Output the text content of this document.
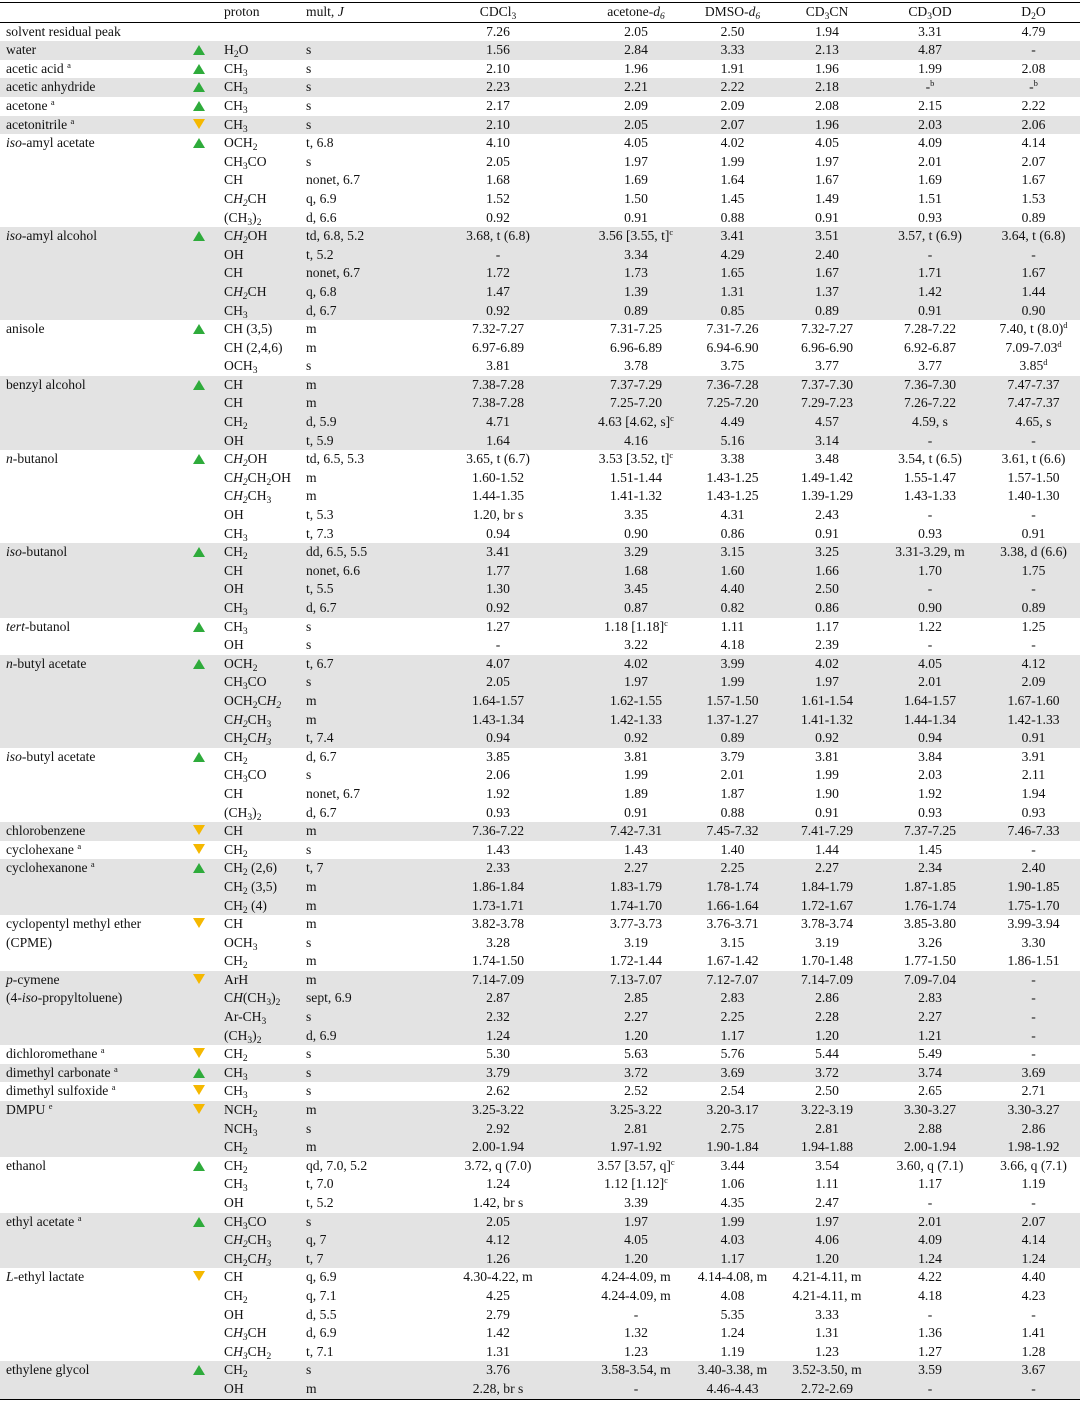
		proton	mult, J	CDCl$_3$	acetone-$d_6$	DMSO-$d_6$	$CD_3CN$	$CD_3OD$	$D_2O$
solvent residual peak				7.26	2.05	2.50	1.94	3.31	4.79
water		$H_2O$	s	1.56	2.84	3.33	2.13	4.87	-
acetic acid $^a$		$CH_3$	s	2.10	1.96	1.91	1.96	1.99	2.08
acetic anhydride		$CH_3$	s	2.23	2.21	2.22	2.18	-$^b$	-$^b$
acetone $^a$		$CH_3$	s	2.17	2.09	2.09	2.08	2.15	2.22
acetonitrile $^a$		$CH_3$	s	2.10	2.05	2.07	1.96	2.03	2.06
iso-amyl acetate		$OCH_2$	t, 6.8	4.10	4.05	4.02	4.05	4.09	4.14
		$CH_3CO$	s	2.05	1.97	1.99	1.97	2.01	2.07
		CH	nonet, 6.7	1.68	1.69	1.64	1.67	1.69	1.67
		$CH_2CH$	q, 6.9	1.52	1.50	1.45	1.49	1.51	1.53
		$(CH_3)_2$	d, 6.6	0.92	0.91	0.88	0.91	0.93	0.89
iso-amyl alcohol		$CH_2OH$	td, 6.8, 5.2	3.68, t (6.8)	3.56 [3.55, t]$^c$	3.41	3.51	3.57, t (6.9)	3.64, t (6.8)
		OH	t, 5.2	-	3.34	4.29	2.40	-	-
		CH	nonet, 6.7	1.72	1.73	1.65	1.67	1.71	1.67
		$CH_2CH$	q, 6.8	1.47	1.39	1.31	1.37	1.42	1.44
		$CH_3$	d, 6.7	0.92	0.89	0.85	0.89	0.91	0.90
anisole		CH (3,5)	m	7.32-7.27	7.31-7.25	7.31-7.26	7.32-7.27	7.28-7.22	7.40, t $(8.0)^d$
		CH (2,4,6)	m	6.97-6.89	6.96-6.89	6.94-6.90	6.96-6.90	6.92-6.87	7.09-7.03$^d$
		$OCH_3$	s	3.81	3.78	3.75	3.77	3.77	3.85$^d$
benzyl alcohol		CH	m	7.38-7.28	7.37-7.29	7.36-7.28	7.37-7.30	7.36-7.30	7.47-7.37
		CH	m	7.38-7.28	7.25-7.20	7.25-7.20	7.29-7.23	7.26-7.22	7.47-7.37
		$CH_2$	d, 5.9	4.71	4.63 [4.62, s]$^c$	4.49	4.57	4.59, s	4.65, s
		OH	t, 5.9	1.64	4.16	5.16	3.14	-	-
n-butanol		$CH_2OH$	td, 6.5, 5.3	3.65, t (6.7)	3.53 [3.52, t]$^c$	3.38	3.48	3.54, t (6.5)	3.61, t (6.6)
		$CH_2CH_2OH$	m	1.60-1.52	1.51-1.44	1.43-1.25	1.49-1.42	1.55-1.47	1.57-1.50
		$CH_2CH_3$	m	1.44-1.35	1.41-1.32	1.43-1.25	1.39-1.29	1.43-1.33	1.40-1.30
		OH	t, 5.3	1.20, br s	3.35	4.31	2.43	-	-
		$CH_3$	t, 7.3	0.94	0.90	0.86	0.91	0.93	0.91
iso-butanol		$CH_2$	dd, 6.5, 5.5	3.41	3.29	3.15	3.25	3.31-3.29, m	3.38, d (6.6)
		CH	nonet, 6.6	1.77	1.68	1.60	1.66	1.70	1.75
		OH	t, 5.5	1.30	3.45	4.40	2.50	-	-
		$CH_3$	d, 6.7	0.92	0.87	0.82	0.86	0.90	0.89
tert-butanol		$CH_3$	s	1.27	1.18 $[1.18]^c$	1.11	1.17	1.22	1.25
		OH	s	-	3.22	4.18	2.39	-	-
n-butyl acetate		$OCH_2$	t, 6.7	4.07	4.02	3.99	4.02	4.05	4.12
		$CH_3CO$	s	2.05	1.97	1.99	1.97	2.01	2.09
		$OCH_2CH_2$	m	1.64-1.57	1.62-1.55	1.57-1.50	1.61-1.54	1.64-1.57	1.67-1.60
		$CH_2CH_3$	m	1.43-1.34	1.42-1.33	1.37-1.27	1.41-1.32	1.44-1.34	1.42-1.33
		$CH_2CH_3$	t, 7.4	0.94	0.92	0.89	0.92	0.94	0.91
iso-butyl acetate		$CH_2$	d, 6.7	3.85	3.81	3.79	3.81	3.84	3.91
		$CH_3CO$	s	2.06	1.99	2.01	1.99	2.03	2.11
		CH	nonet, 6.7	1.92	1.89	1.87	1.90	1.92	1.94
		$(CH_3)_2$	d, 6.7	0.93	0.91	0.88	0.91	0.93	0.93
chlorobenzene		CH	m	7.36-7.22	7.42-7.31	7.45-7.32	7.41-7.29	7.37-7.25	7.46-7.33
cyclohexane $^a$		$CH_2$	s	1.43	1.43	1.40	1.44	1.45	-
cyclohexanone $^a$		$CH_2$ (2,6)	t, 7	2.33	2.27	2.25	2.27	2.34	2.40
		$CH_2$ (3,5)	m	1.86-1.84	1.83-1.79	1.78-1.74	1.84-1.79	1.87-1.85	1.90-1.85
		$CH_2$ (4)	m	1.73-1.71	1.74-1.70	1.66-1.64	1.72-1.67	1.76-1.74	1.75-1.70
cyclopentyl methyl ether		CH	m	3.82-3.78	3.77-3.73	3.76-3.71	3.78-3.74	3.85-3.80	3.99-3.94
(CPME)		$OCH_3$	s	3.28	3.19	3.15	3.19	3.26	3.30
		$CH_2$	m	1.74-1.50	1.72-1.44	1.67-1.42	1.70-1.48	1.77-1.50	1.86-1.51
p-cymene		ArH	m	7.14-7.09	7.13-7.07	7.12-7.07	7.14-7.09	7.09-7.04	-
(4-iso-propyltoluene)		$CH(CH_3)_2$	sept, 6.9	2.87	2.85	2.83	2.86	2.83	-
		$Ar-CH_3$	s	2.32	2.27	2.25	2.28	2.27	-
		$(CH_3)_2$	d, 6.9	1.24	1.20	1.17	1.20	1.21	-
dichloromethane $^a$		$CH_2$	s	5.30	5.63	5.76	5.44	5.49	-
dimethyl carbonate $^a$		$CH_3$	s	3.79	3.72	3.69	3.72	3.74	3.69
dimethyl sulfoxide $^a$		$CH_3$	s	2.62	2.52	2.54	2.50	2.65	2.71
DMPU $^e$		$NCH_2$	m	3.25-3.22	3.25-3.22	3.20-3.17	3.22-3.19	3.30-3.27	3.30-3.27
		$NCH_3$	s	2.92	2.81	2.75	2.81	2.88	2.86
		$CH_2$	m	2.00-1.94	1.97-1.92	1.90-1.84	1.94-1.88	2.00-1.94	1.98-1.92
ethanol		$CH_2$	qd, 7.0, 5.2	3.72, q (7.0)	3.57 [3.57, q]$^c$	3.44	3.54	3.60, q (7.1)	3.66, q (7.1)
		$CH_3$	t, 7.0	1.24	1.12 $[1.12]^c$	1.06	1.11	1.17	1.19
		OH	t, 5.2	1.42, br s	3.39	4.35	2.47	-	-
ethyl acetate $^a$		$CH_3CO$	s	2.05	1.97	1.99	1.97	2.01	2.07
		$CH_2CH_3$	q, 7	4.12	4.05	4.03	4.06	4.09	4.14
		$CH_2CH_3$	t, 7	1.26	1.20	1.17	1.20	1.24	1.24
L-ethyl lactate		CH	q, 6.9	4.30-4.22, m	4.24-4.09, m	4.14-4.08, m	4.21-4.11, m	4.22	4.40
		$CH_2$	q, 7.1	4.25	4.24-4.09, m	4.08	4.21-4.11, m	4.18	4.23
		OH	d, 5.5	2.79	-	5.35	3.33	-	-
		$CH_3CH$	d, 6.9	1.42	1.32	1.24	1.31	1.36	1.41
		$CH_3CH_2$	t, 7.1	1.31	1.23	1.19	1.23	1.27	1.28
ethylene glycol		$CH_2$	s	3.76	3.58-3.54, m	3.40-3.38, m	3.52-3.50, m	3.59	3.67
		OH	m	2.28, br s	-	4.46-4.43	2.72-2.69	-	-
